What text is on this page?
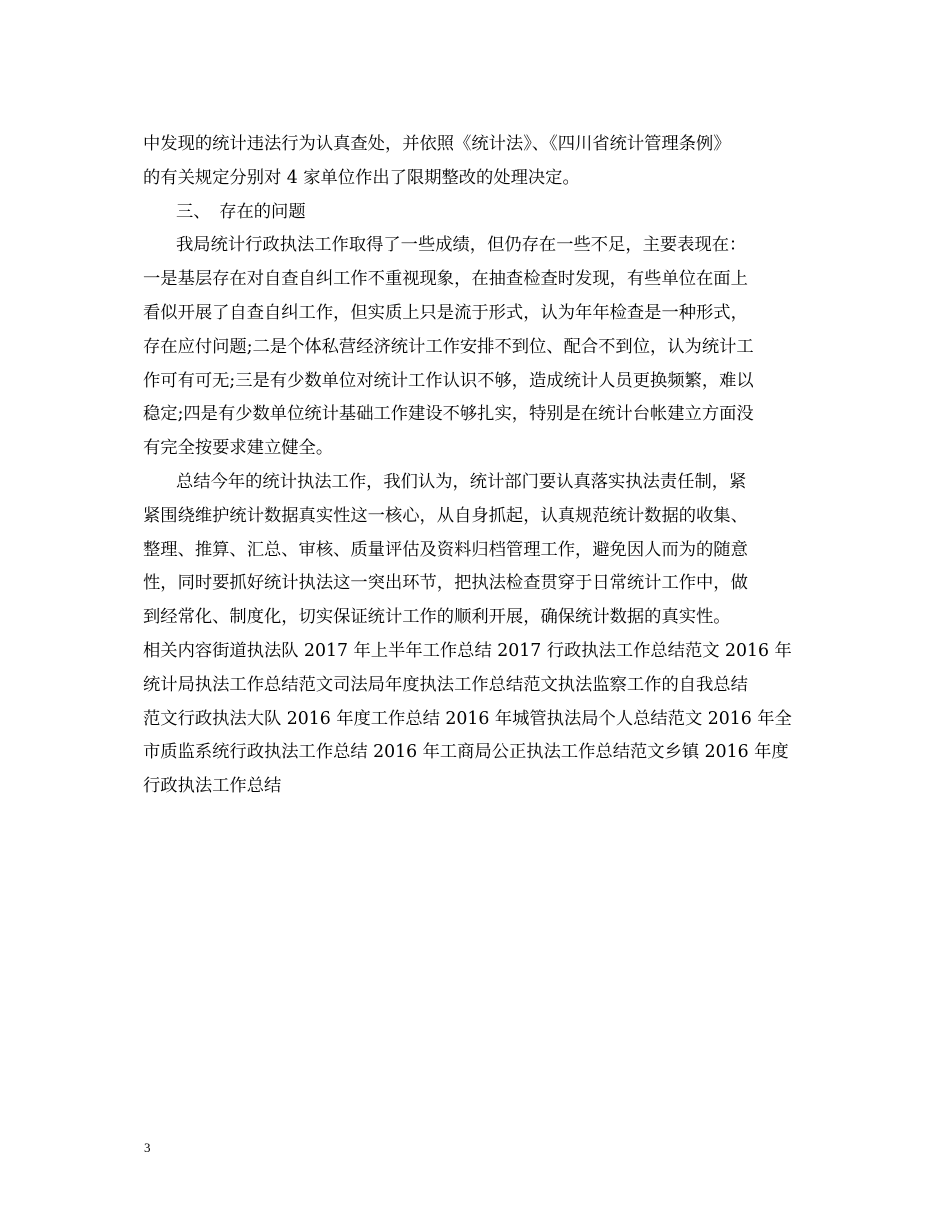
中发现的统计违法行为认真查处，并依照《统计法》、《四川省统计管理条例》
的有关规定分别对 4 家单位作出了限期整改的处理决定。
三、　存在的问题
我局统计行政执法工作取得了一些成绩，但仍存在一些不足，主要表现在：
一是基层存在对自查自纠工作不重视现象，在抽查检查时发现，有些单位在面上
看似开展了自查自纠工作，但实质上只是流于形式，认为年年检查是一种形式，
存在应付问题;二是个体私营经济统计工作安排不到位、配合不到位，认为统计工
作可有可无;三是有少数单位对统计工作认识不够，造成统计人员更换频繁，难以
稳定;四是有少数单位统计基础工作建设不够扎实，特别是在统计台帐建立方面没
有完全按要求建立健全。
总结今年的统计执法工作，我们认为，统计部门要认真落实执法责任制，紧
紧围绕维护统计数据真实性这一核心，从自身抓起，认真规范统计数据的收集、
整理、推算、汇总、审核、质量评估及资料归档管理工作，避免因人而为的随意
性，同时要抓好统计执法这一突出环节，把执法检查贯穿于日常统计工作中，做
到经常化、制度化，切实保证统计工作的顺利开展，确保统计数据的真实性。
相关内容街道执法队 2017 年上半年工作总结 2017 行政执法工作总结范文 2016 年
统计局执法工作总结范文司法局年度执法工作总结范文执法监察工作的自我总结
范文行政执法大队 2016 年度工作总结 2016 年城管执法局个人总结范文 2016 年全
市质监系统行政执法工作总结 2016 年工商局公正执法工作总结范文乡镇 2016 年度
行政执法工作总结
3
